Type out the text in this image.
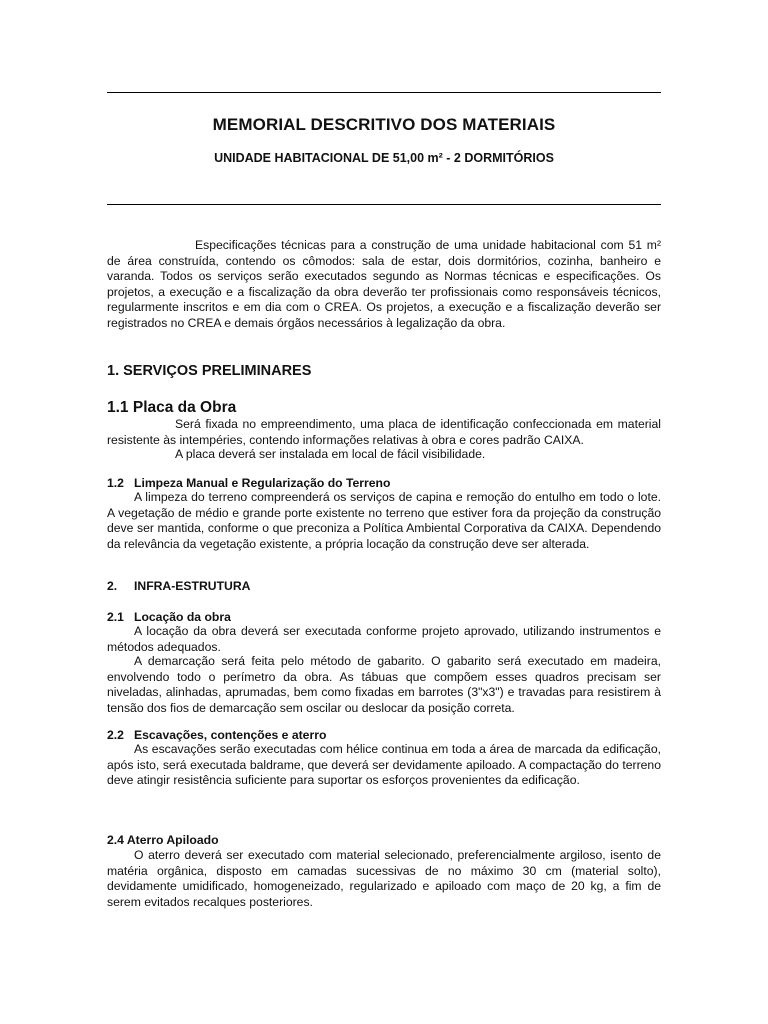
MEMORIAL DESCRITIVO DOS MATERIAIS
UNIDADE HABITACIONAL DE 51,00 m² - 2 DORMITÓRIOS

Especificações técnicas para a construção de uma unidade habitacional com 51 m² de área construída, contendo os cômodos: sala de estar, dois dormitórios, cozinha, banheiro e varanda. Todos os serviços serão executados segundo as Normas técnicas e especificações. Os projetos, a execução e a fiscalização da obra deverão ter profissionais como responsáveis técnicos, regularmente inscritos e em dia com o CREA. Os projetos, a execução e a fiscalização deverão ser registrados no CREA e demais órgãos necessários à legalização da obra.

1. SERVIÇOS PRELIMINARES
1.1 Placa da Obra

Será fixada no empreendimento, uma placa de identificação confeccionada em material resistente às intempéries, contendo informações relativas à obra e cores padrão CAIXA.

A placa deverá ser instalada em local de fácil visibilidade.

1.2 Limpeza Manual e Regularização do Terreno

A limpeza do terreno compreenderá os serviços de capina e remoção do entulho em todo o lote. A vegetação de médio e grande porte existente no terreno que estiver fora da projeção da construção deve ser mantida, conforme o que preconiza a Política Ambiental Corporativa da CAIXA. Dependendo da relevância da vegetação existente, a própria locação da construção deve ser alterada.

2. INFRA-ESTRUTURA
2.1 Locação da obra

A locação da obra deverá ser executada conforme projeto aprovado, utilizando instrumentos e métodos adequados.

A demarcação será feita pelo método de gabarito. O gabarito será executado em madeira, envolvendo todo o perímetro da obra. As tábuas que compõem esses quadros precisam ser niveladas, alinhadas, aprumadas, bem como fixadas em barrotes (3"x3") e travadas para resistirem à tensão dos fios de demarcação sem oscilar ou deslocar da posição correta.

2.2 Escavações, contenções e aterro

As escavações serão executadas com hélice continua em toda a área de marcada da edificação, após isto, será executada baldrame, que deverá ser devidamente apiloado. A compactação do terreno deve atingir resistência suficiente para suportar os esforços provenientes da edificação.

2.4 Aterro Apiloado

O aterro deverá ser executado com material selecionado, preferencialmente argiloso, isento de matéria orgânica, disposto em camadas sucessivas de no máximo 30 cm (material solto), devidamente umidificado, homogeneizado, regularizado e apiloado com maço de 20 kg, a fim de serem evitados recalques posteriores.
